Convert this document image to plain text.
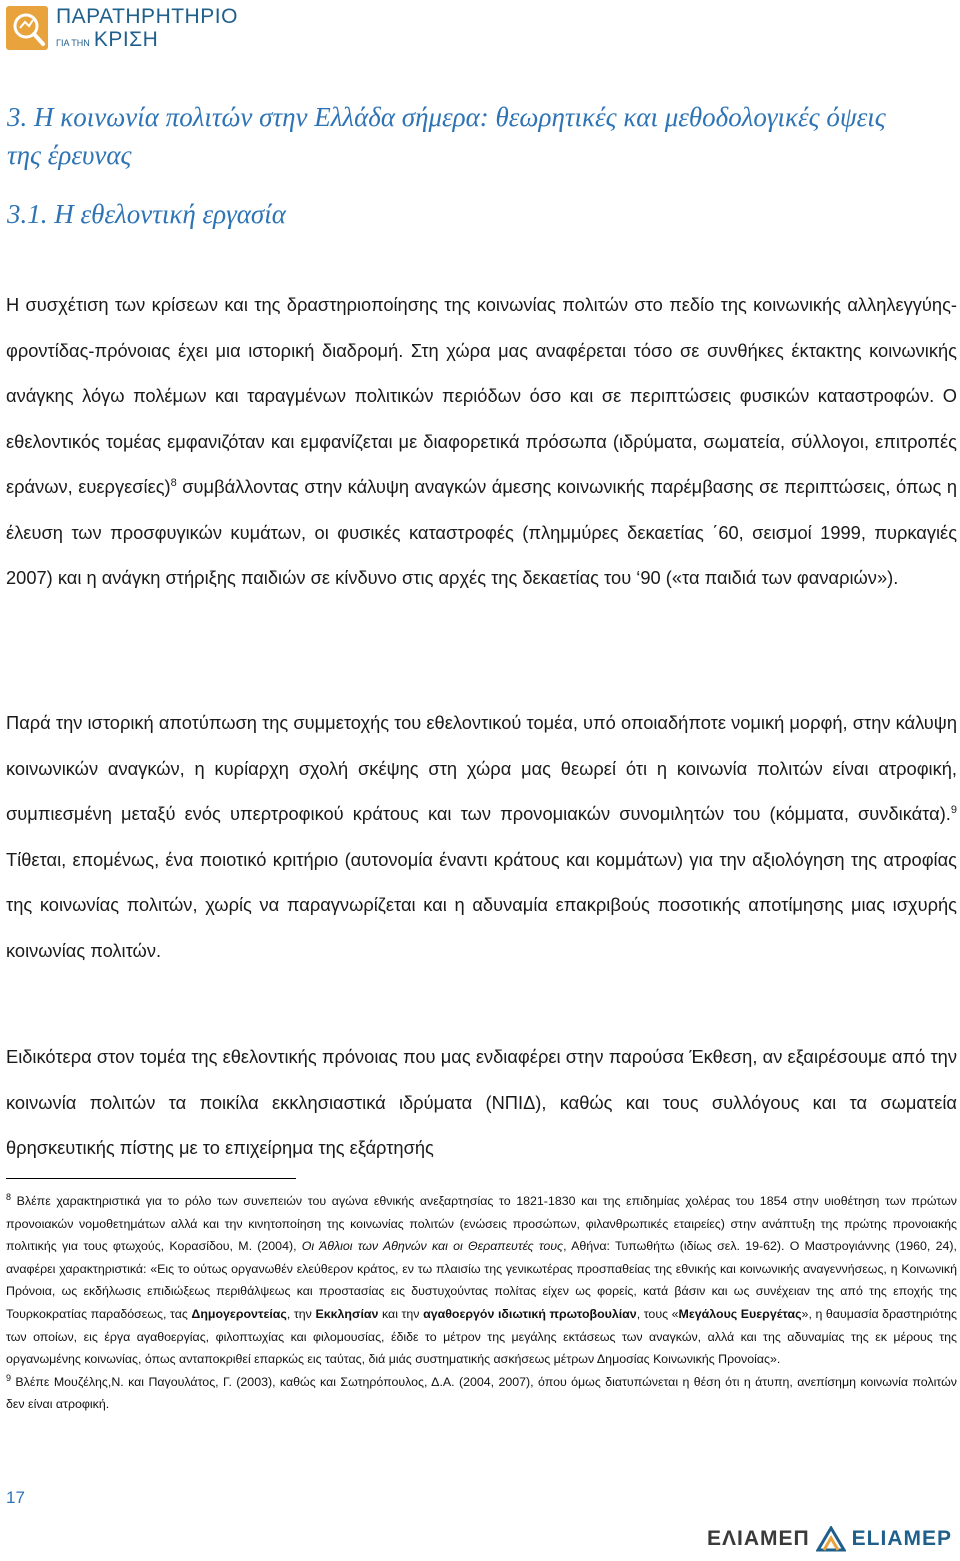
ΠΑΡΑΤΗΡΗΤΗΡΙΟ
ΓΙΑ ΤΗΝ ΚΡΙΣΗ
3. Η κοινωνία πολιτών στην Ελλάδα σήμερα: θεωρητικές και μεθοδολογικές όψεις της έρευνας
3.1. Η εθελοντική εργασία

Η συσχέτιση των κρίσεων και της δραστηριοποίησης της κοινωνίας πολιτών στο πεδίο της κοινωνικής αλληλεγγύης-φροντίδας-πρόνοιας έχει μια ιστορική διαδρομή. Στη χώρα μας αναφέρεται τόσο σε συνθήκες έκτακτης κοινωνικής ανάγκης λόγω πολέμων και ταραγμένων πολιτικών περιόδων όσο και σε περιπτώσεις φυσικών καταστροφών. Ο εθελοντικός τομέας εμφανιζόταν και εμφανίζεται με διαφορετικά πρόσωπα (ιδρύματα, σωματεία, σύλλογοι, επιτροπές εράνων, ευεργεσίες)$^8$ συμβάλλοντας στην κάλυψη αναγκών άμεσης κοινωνικής παρέμβασης σε περιπτώσεις, όπως η έλευση των προσφυγικών κυμάτων, οι φυσικές καταστροφές (πλημμύρες δεκαετίας ΄60, σεισμοί 1999, πυρκαγιές 2007) και η ανάγκη στήριξης παιδιών σε κίνδυνο στις αρχές της δεκαετίας του ‘90 («τα παιδιά των φαναριών»).

Παρά την ιστορική αποτύπωση της συμμετοχής του εθελοντικού τομέα, υπό οποιαδήποτε νομική μορφή, στην κάλυψη κοινωνικών αναγκών, η κυρίαρχη σχολή σκέψης στη χώρα μας θεωρεί ότι η κοινωνία πολιτών είναι ατροφική, συμπιεσμένη μεταξύ ενός υπερτροφικού κράτους και των προνομιακών συνομιλητών του (κόμματα, συνδικάτα).$^9$ Τίθεται, επομένως, ένα ποιοτικό κριτήριο (αυτονομία έναντι κράτους και κομμάτων) για την αξιολόγηση της ατροφίας της κοινωνίας πολιτών, χωρίς να παραγνωρίζεται και η αδυναμία επακριβούς ποσοτικής αποτίμησης μιας ισχυρής κοινωνίας πολιτών.

Ειδικότερα στον τομέα της εθελοντικής πρόνοιας που μας ενδιαφέρει στην παρούσα Έκθεση, αν εξαιρέσουμε από την κοινωνία πολιτών τα ποικίλα εκκλησιαστικά ιδρύματα (ΝΠΙΔ), καθώς και τους συλλόγους και τα σωματεία θρησκευτικής πίστης με το επιχείρημα της εξάρτησής

$^8$ Βλέπε χαρακτηριστικά για το ρόλο των συνεπειών του αγώνα εθνικής ανεξαρτησίας το 1821-1830 και της επιδημίας χολέρας του 1854 στην υιοθέτηση των πρώτων προνοιακών νομοθετημάτων αλλά και την κινητοποίηση της κοινωνίας πολιτών (ενώσεις προσώπων, φιλανθρωπικές εταιρείες) στην ανάπτυξη της πρώτης προνοιακής πολιτικής για τους φτωχούς, Κορασίδου, Μ. (2004), Οι Άθλιοι των Αθηνών και οι Θεραπευτές τους, Αθήνα: Τυπωθήτω (ιδίως σελ. 19-62). Ο Μαστρογιάννης (1960, 24), αναφέρει χαρακτηριστικά: «Εις το ούτως οργανωθέν ελεύθερον κράτος, εν τω πλαισίω της γενικωτέρας προσπαθείας της εθνικής και κοινωνικής αναγεννήσεως, η Κοινωνική Πρόνοια, ως εκδήλωσις επιδιώξεως περιθάλψεως και προστασίας εις δυστυχούντας πολίτας είχεν ως φορείς, κατά βάσιν και ως συνέχειαν της από της εποχής της Τουρκοκρατίας παραδόσεως, τας Δημογεροντείας, την Εκκλησίαν και την αγαθοεργόν ιδιωτική πρωτοβουλίαν, τους «Μεγάλους Ευεργέτας», η θαυμασία δραστηριότης των οποίων, εις έργα αγαθοεργίας, φιλοπτωχίας και φιλομουσίας, έδιδε το μέτρον της μεγάλης εκτάσεως των αναγκών, αλλά και της αδυναμίας της εκ μέρους της οργανωμένης κοινωνίας, όπως ανταποκριθεί επαρκώς εις ταύτας, διά μιάς συστηματικής ασκήσεως μέτρων Δημοσίας Κοινωνικής Προνοίας».

$^9$ Βλέπε Μουζέλης,Ν. και Παγουλάτος, Γ. (2003), καθώς και Σωτηρόπουλος, Δ.Α. (2004, 2007), όπου όμως διατυπώνεται η θέση ότι η άτυπη, ανεπίσημη κοινωνία πολιτών δεν είναι ατροφική.

17
ΕΛΙΑΜΕΠ ELIAMEP
